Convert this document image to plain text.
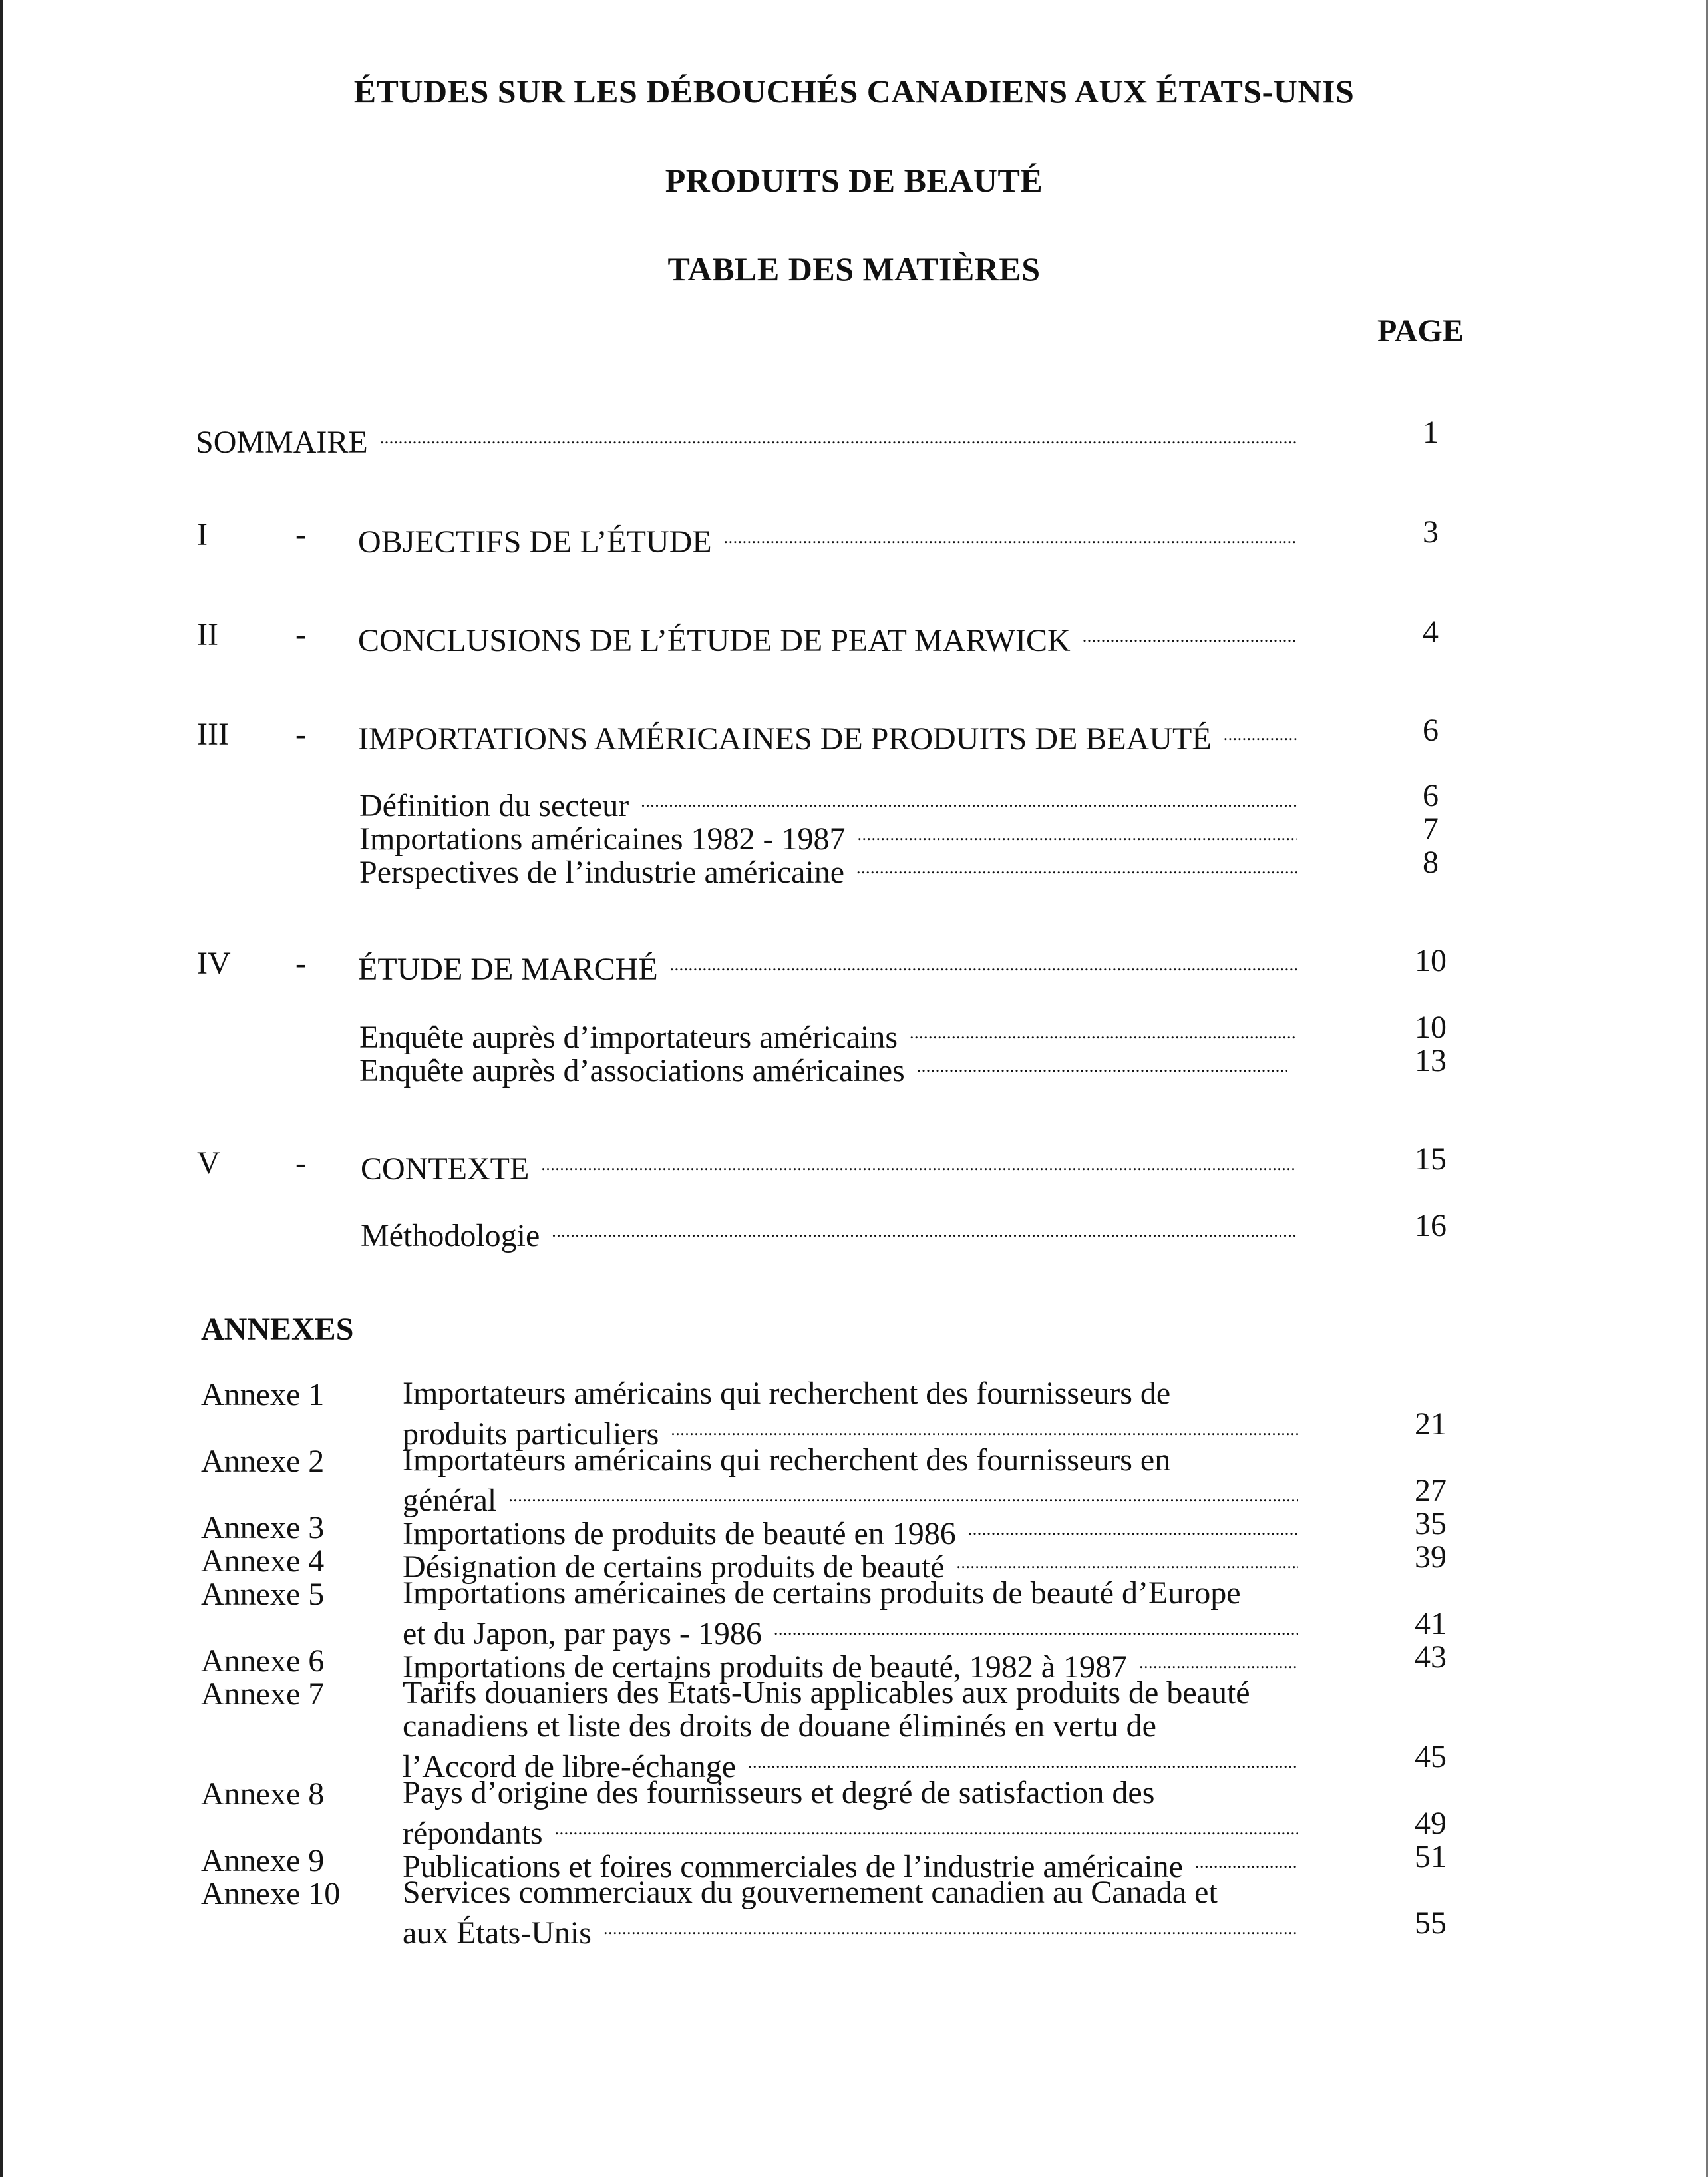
ÉTUDES SUR LES DÉBOUCHÉS CANADIENS AUX ÉTATS-UNIS
PRODUITS DE BEAUTÉ
TABLE DES MATIÈRES
PAGE
SOMMAIRE . . .	1
I	- OBJECTIFS DE L’ÉTUDE . . .	3
II - CONCLUSIONS DE L’ÉTUDE DE PEAT MARWICK . . .	4
III - IMPORTATIONS AMÉRICAINES DE PRODUITS DE BEAUTÉ . . .	6
Définition du secteur . . .	6
Importations américaines 1982 - 1987 . . .	7
Perspectives de l’industrie américaine . . .	8
IV - ÉTUDE DE MARCHÉ . . .	10
Enquête auprès d’importateurs américains . . .	10
Enquête auprès d’associations américaines . . .	13
V - CONTEXTE . . .	15
Méthodologie . . .	16
ANNEXES
Annexe 1 Importateurs américains qui recherchent des fournisseurs de
produits particuliers . . .	21
Annexe 2 Importateurs américains qui recherchent des fournisseurs en
général . . .	27
Annexe 3 Importations de produits de beauté en 1986 . . .	35
Annexe 4 Désignation de certains produits de beauté . . .	39
Annexe 5 Importations américaines de certains produits de beauté d’Europe
et du Japon, par pays - 1986 . . .	41
Annexe 6 Importations de certains produits de beauté, 1982 à 1987 . . .	43
Annexe 7 Tarifs douaniers des États-Unis applicables aux produits de beauté
canadiens et liste des droits de douane éliminés en vertu de
l’Accord de libre-échange . . .	45
Annexe 8 Pays d’origine des fournisseurs et degré de satisfaction des
répondants . . .	49
Annexe 9 Publications et foires commerciales de l’industrie américaine . . .	51
Annexe 10 Services commerciaux du gouvernement canadien au Canada et
aux États-Unis . . .	55
